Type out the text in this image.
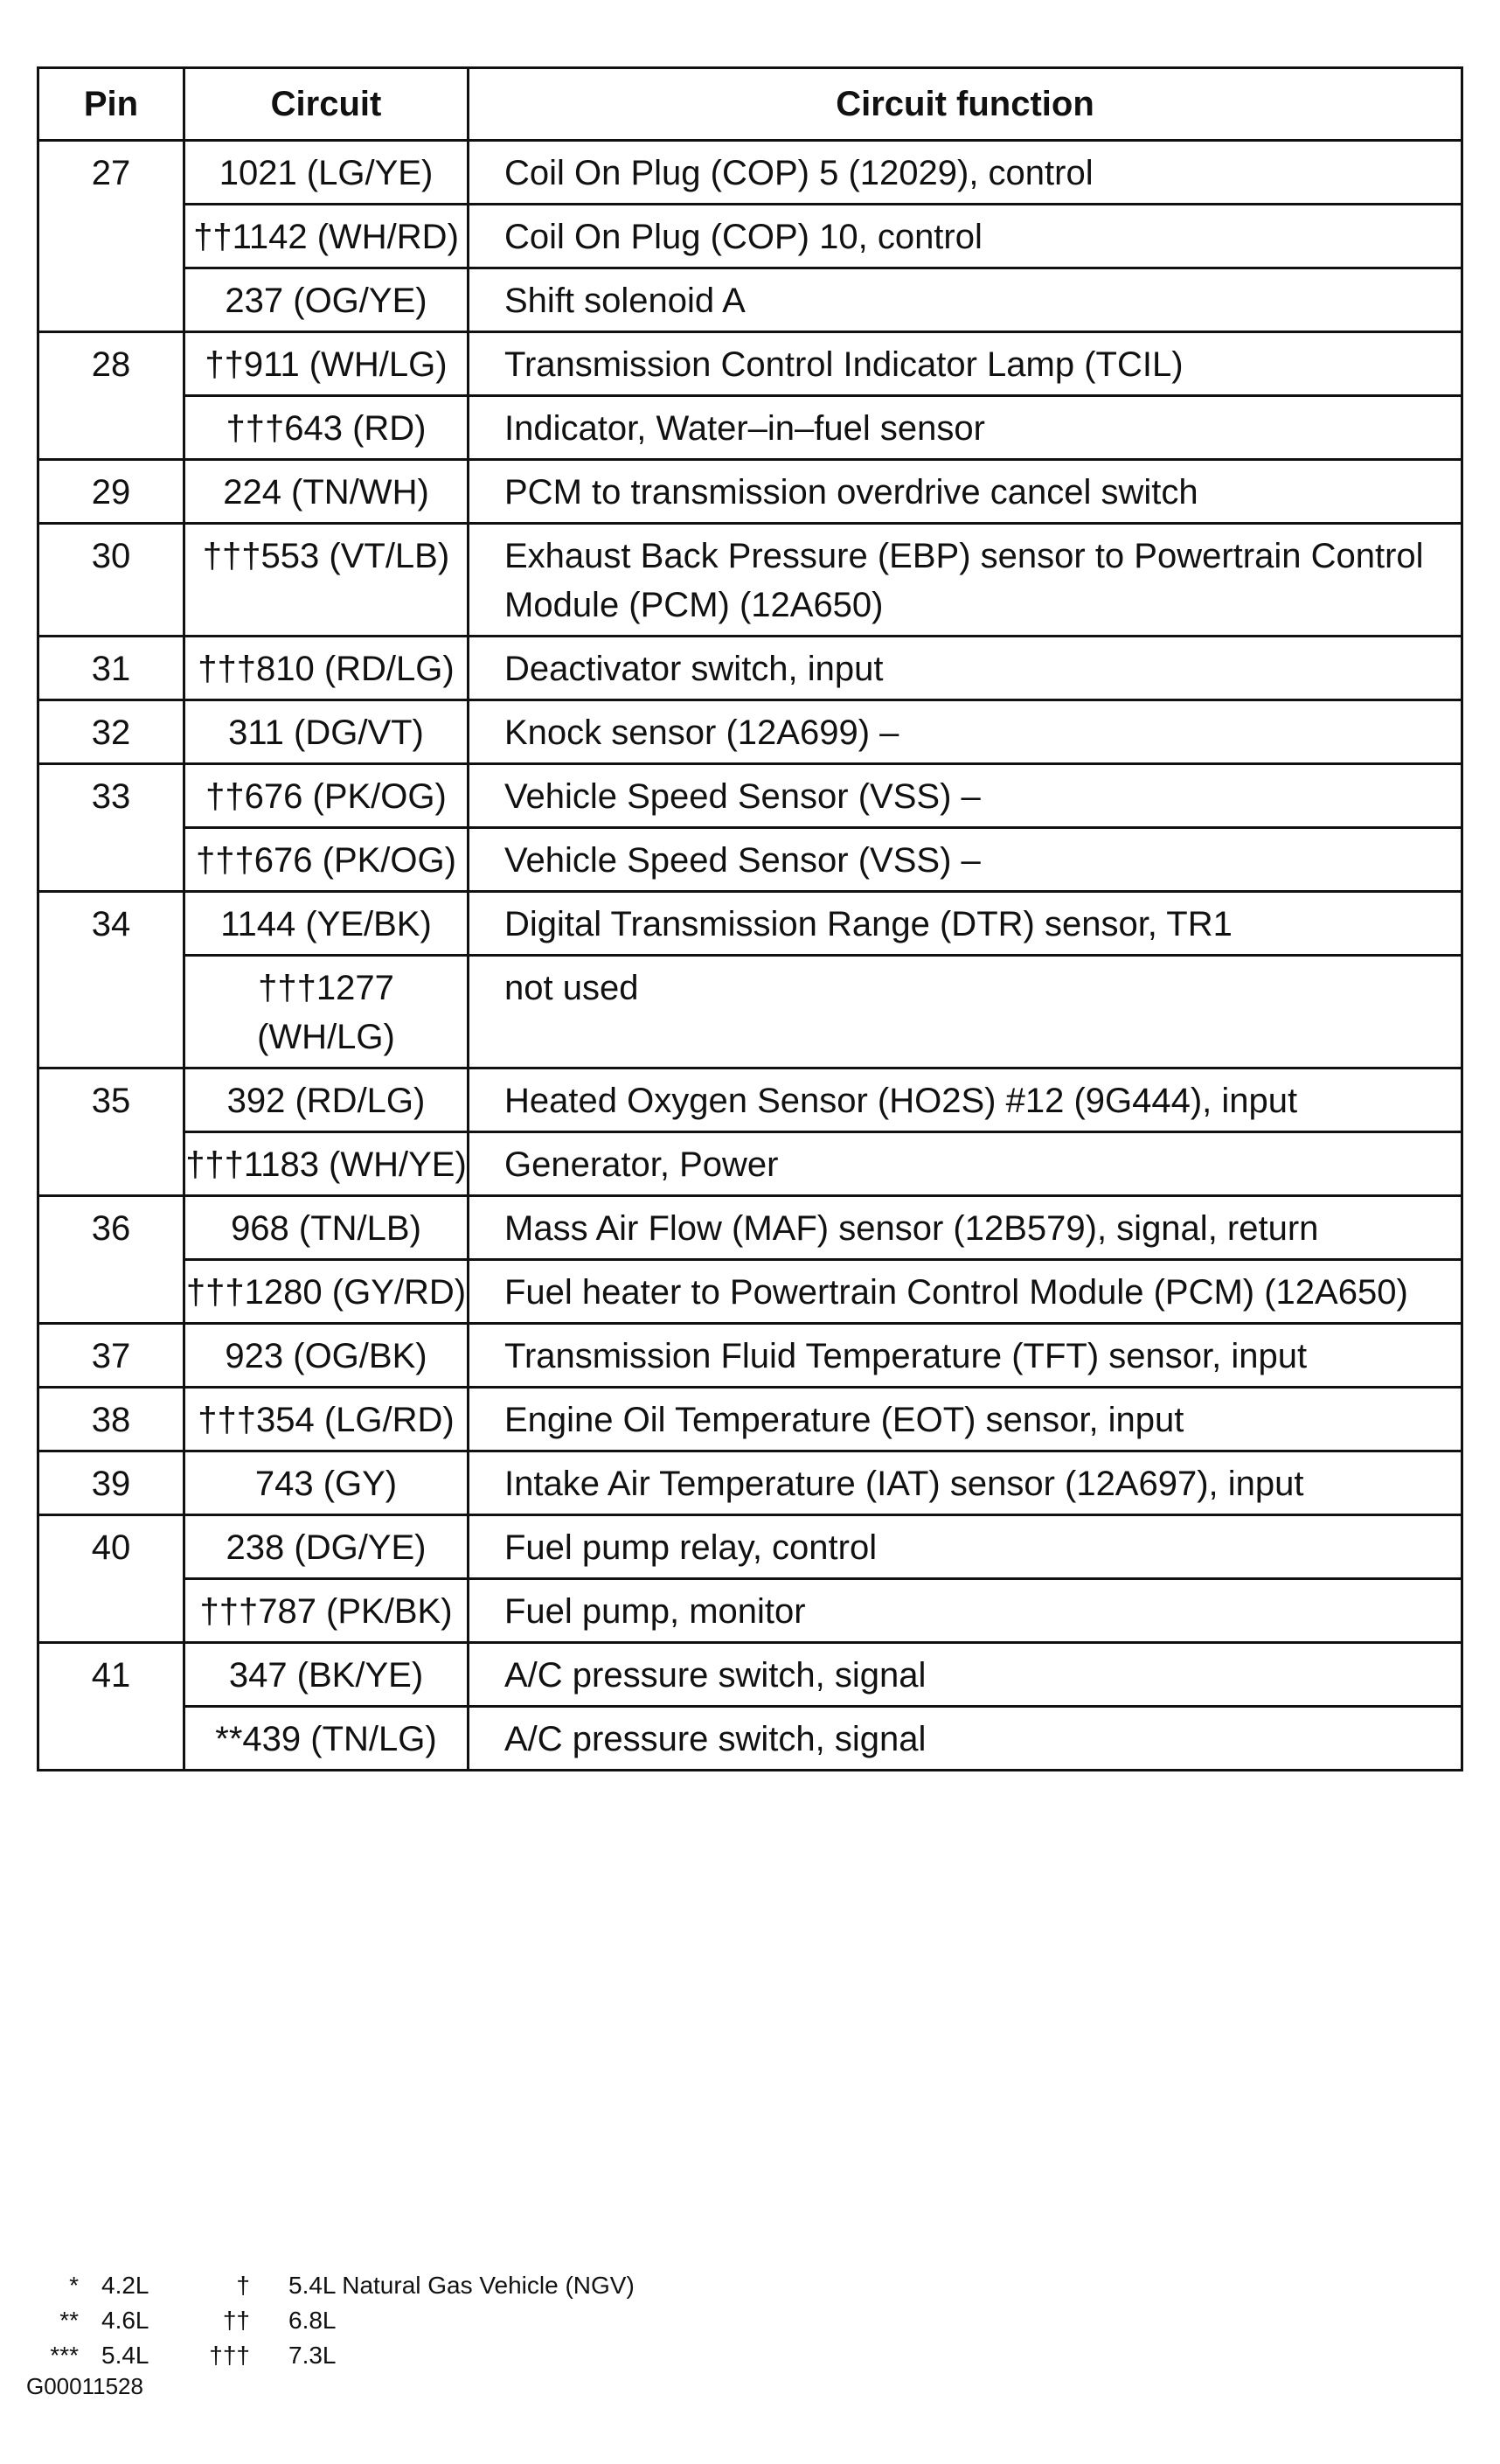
Pin	Circuit	Circuit function
27	1021 (LG/YE)	Coil On Plug (COP) 5 (12029), control
	††1142 (WH/RD)	Coil On Plug (COP) 10, control
	237 (OG/YE)	Shift solenoid A
28	††911 (WH/LG)	Transmission Control Indicator Lamp (TCIL)
	†††643 (RD)	Indicator, Water–in–fuel sensor
29	224 (TN/WH)	PCM to transmission overdrive cancel switch
30	†††553 (VT/LB)	Exhaust Back Pressure (EBP) sensor to Powertrain Control Module (PCM) (12A650)
31	†††810 (RD/LG)	Deactivator switch, input
32	311 (DG/VT)	Knock sensor (12A699) –
33	††676 (PK/OG)	Vehicle Speed Sensor (VSS) –
	†††676 (PK/OG)	Vehicle Speed Sensor (VSS) –
34	1144 (YE/BK)	Digital Transmission Range (DTR) sensor, TR1
	†††1277 (WH/LG)	not used
35	392 (RD/LG)	Heated Oxygen Sensor (HO2S) #12 (9G444), input
	†††1183 (WH/YE)	Generator, Power
36	968 (TN/LB)	Mass Air Flow (MAF) sensor (12B579), signal, return
	†††1280 (GY/RD)	Fuel heater to Powertrain Control Module (PCM) (12A650)
37	923 (OG/BK)	Transmission Fluid Temperature (TFT) sensor, input
38	†††354 (LG/RD)	Engine Oil Temperature (EOT) sensor, input
39	743 (GY)	Intake Air Temperature (IAT) sensor (12A697), input
40	238 (DG/YE)	Fuel pump relay, control
	†††787 (PK/BK)	Fuel pump, monitor
41	347 (BK/YE)	A/C pressure switch, signal
	**439 (TN/LG)	A/C pressure switch, signal
* 4.2L	† 5.4L Natural Gas Vehicle (NGV)
** 4.6L	†† 6.8L
*** 5.4L	††† 7.3L
G00011528
